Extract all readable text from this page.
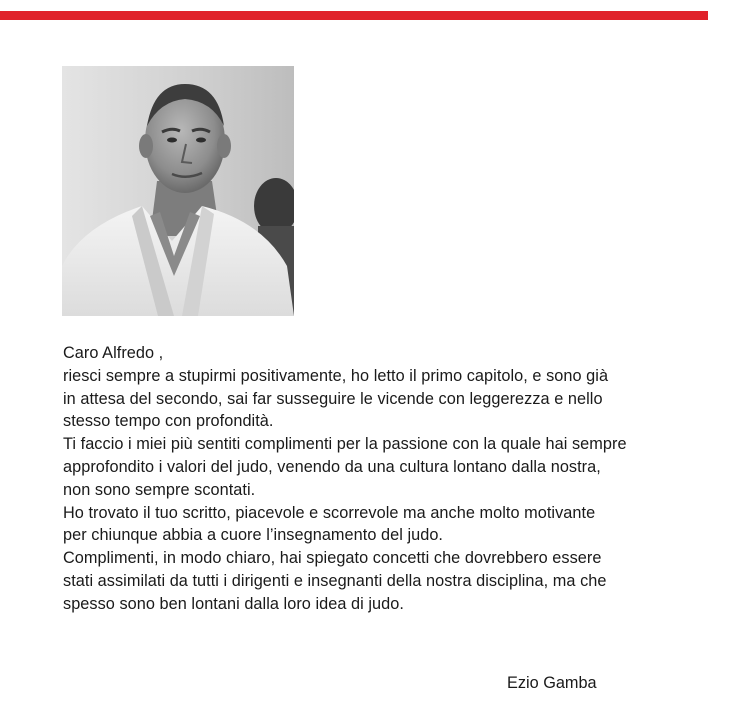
Caro Alfredo ,
riesci sempre a stupirmi positivamente, ho letto il primo capitolo, e sono già
in attesa del secondo, sai far susseguire le vicende con leggerezza e nello
stesso tempo con profondità.
Ti faccio i miei più sentiti complimenti per la passione con la quale hai sempre
approfondito i valori del judo, venendo da una cultura lontano dalla nostra,
non sono sempre scontati.
Ho trovato il tuo scritto, piacevole e scorrevole ma anche molto motivante
per chiunque abbia a cuore l’insegnamento del judo.
Complimenti, in modo chiaro, hai spiegato concetti che dovrebbero essere
stati assimilati da tutti i dirigenti e insegnanti della nostra disciplina, ma che
spesso sono ben lontani dalla loro idea di judo.
Ezio Gamba
